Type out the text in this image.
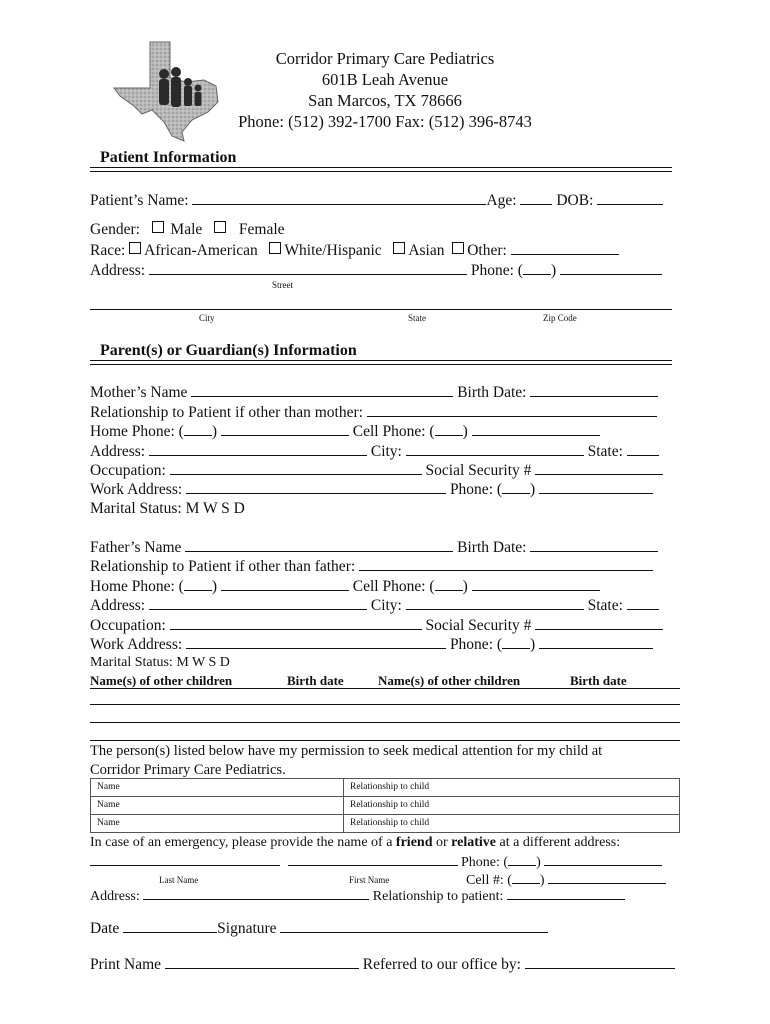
Corridor Primary Care Pediatrics
601B Leah Avenue
San Marcos, TX 78666
Phone: (512) 392-1700 Fax: (512) 396-8743
Patient Information
Patient’s Name:	Age:	DOB:
Gender: Male Female
Race: African-American White/Hispanic Asian Other:
Address:	Phone: ( )
Street
City	State	Zip Code
Parent(s) or Guardian(s) Information
Mother’s Name	Birth Date:
Relationship to Patient if other than mother:
Home Phone: ( )	Cell Phone: ( )
Address:	City:	State:
Occupation:	Social Security #
Work Address:	Phone: ( )
Marital Status: M W S D
Father’s Name	Birth Date:
Relationship to Patient if other than father:
Home Phone: ( )	Cell Phone: ( )
Address:	City:	State:
Occupation:	Social Security #
Work Address:	Phone: ( )
Marital Status: M W S D
Name(s) of other children	Birth date	Name(s) of other children	Birth date
The person(s) listed below have my permission to seek medical attention for my child at
Corridor Primary Care Pediatrics.
Name	Relationship to child
Name	Relationship to child
Name	Relationship to child
In case of an emergency, please provide the name of a friend or relative at a different address:
Phone: ( )
Last Name	First Name	Cell #: ( )
Address:	Relationship to patient:
Date	Signature
Print Name	Referred to our office by:
